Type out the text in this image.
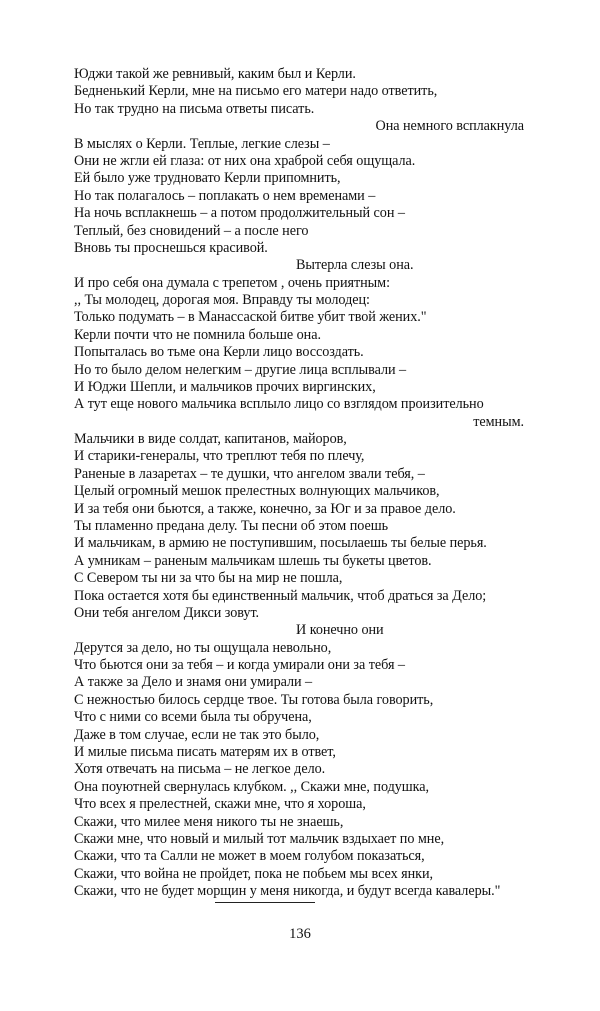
Юджи такой же ревнивый, каким был и Керли.
Бедненький Керли, мне на письмо его матери надо ответить,
Но так трудно на письма ответы писать.
Она немного всплакнула
В мыслях о Керли. Теплые, легкие слезы –
Они не жгли ей глаза: от них она храброй себя ощущала.
Ей было уже трудновато Керли припомнить,
Но так полагалось – поплакать о нем временами –
На ночь всплакнешь – а потом продолжительный сон –
Теплый, без сновидений – а после него
Вновь ты проснешься красивой.
Вытерла слезы она.
И про себя она думала с трепетом , очень приятным:
,, Ты молодец, дорогая моя. Вправду ты молодец:
Только подумать – в Манассаской битве убит твой жених."
Керли почти что не помнила больше она.
Попыталась во тьме она Керли лицо воссоздать.
Но то было делом нелегким – другие лица всплывали –
И Юджи Шепли, и мальчиков прочих виргинских,
А тут еще нового мальчика всплыло лицо со взглядом произительно
темным.
Мальчики в виде солдат, капитанов, майоров,
И старики-генералы, что треплют тебя по плечу,
Раненые в лазаретах – те душки, что ангелом звали тебя, –
Целый огромный мешок прелестных волнующих мальчиков,
И за тебя они бьются, а также, конечно, за Юг и за правое дело.
Ты пламенно предана делу. Ты песни об этом поешь
И мальчикам, в армию не поступившим, посылаешь ты белые перья.
А умникам – раненым мальчикам шлешь ты букеты цветов.
С Севером ты ни за что бы на мир не пошла,
Пока остается хотя бы единственный мальчик, чтоб драться за Дело;
Они тебя ангелом Дикси зовут.
И конечно они
Дерутся за дело, но ты ощущала невольно,
Что бьются они за тебя – и когда умирали они за тебя –
А также за Дело и знамя они умирали –
С нежностью билось сердце твое. Ты готова была говорить,
Что с ними со всеми была ты обручена,
Даже в том случае, если не так это было,
И милые письма писать матерям их в ответ,
Хотя отвечать на письма – не легкое дело.
Она поуютней свернулась клубком. ,, Скажи мне, подушка,
Что всех я прелестней, скажи мне, что я хороша,
Скажи, что милее меня никого ты не знаешь,
Скажи мне, что новый и милый тот мальчик вздыхает по мне,
Скажи, что та Салли не может в моем голубом показаться,
Скажи, что война не пройдет, пока не побьем мы всех янки,
Скажи, что не будет морщин у меня никогда, и будут всегда кавалеры."
136
